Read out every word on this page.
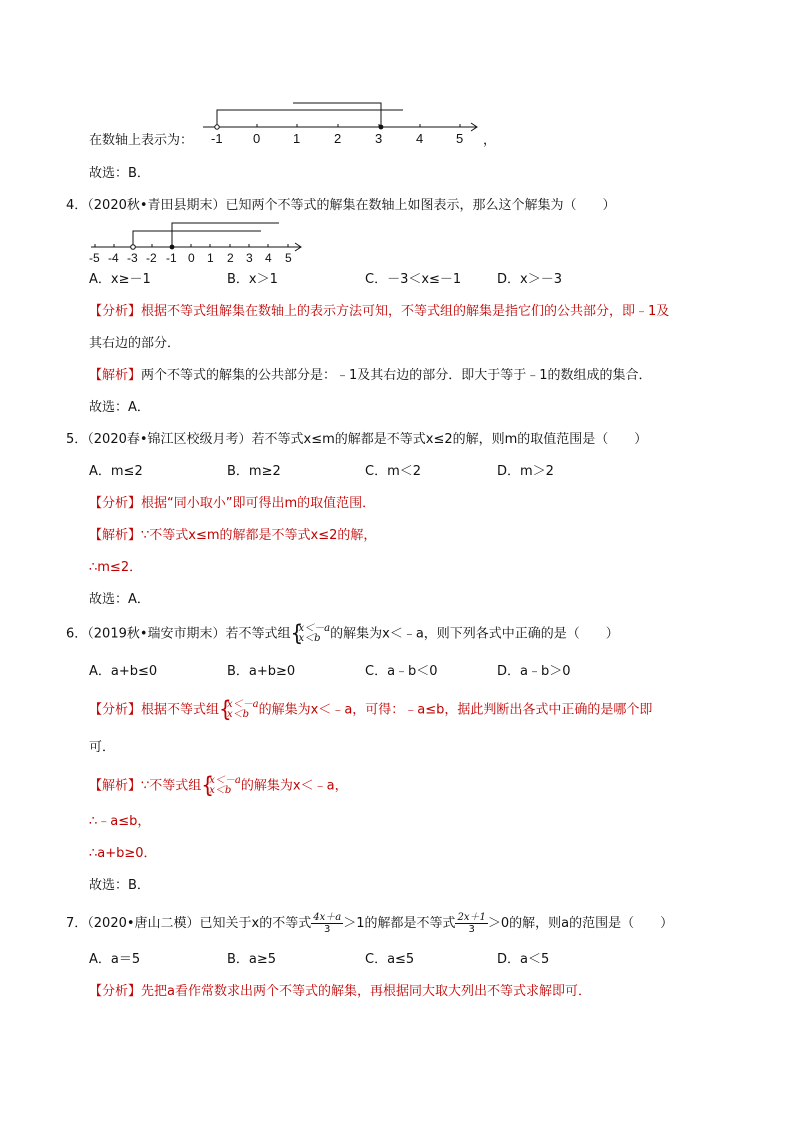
在数轴上表示为： -1 0	1	2	3	4	5 ，
故选：B．
4．（2020秋•青田县期末）已知两个不等式的解集在数轴上如图表示，那么这个解集为（　　）
-5 -4 -3 -2 -1 0 1 2 3 4 5
A．x≥－1	B．x＞1	C．－3＜x≤－1	D．x＞－3
【分析】根据不等式组解集在数轴上的表示方法可知，不等式组的解集是指它们的公共部分，即﹣1及
其右边的部分．
【解析】两个不等式的解集的公共部分是：﹣1及其右边的部分．即大于等于﹣1的数组成的集合．
故选：A．
5．（2020春•锦江区校级月考）若不等式x≤m的解都是不等式x≤2的解，则m的取值范围是（　　）
A．m≤2	B．m≥2	C．m＜2	D．m＞2
【分析】根据“同小取小”即可得出m的取值范围．
【解析】∵不等式x≤m的解都是不等式x≤2的解，
∴m≤2．
故选：A．
6．（2019秋•瑞安市期末）若不等式组 {
x＜－a
x＜b 的解集为x＜﹣a，则下列各式中正确的是（　　）
A．a+b≤0	B．a+b≥0	C．a﹣b＜0	D．a﹣b＞0
【分析】根据不等式组 {
x＜－a
x＜b 的解集为x＜﹣a，可得：﹣a≤b，据此判断出各式中正确的是哪个即
可．
【解析】∵不等式组 {
x＜－a
x＜b 的解集为x＜﹣a，
∴﹣a≤b，
∴a+b≥0．
故选：B．
7．（2020•唐山二模）已知关于x的不等式 $\frac{4x+a}{3} >1$的解都是不等式 $\frac{2x+1}{3} >0$的解，则a的范围是（　　）
A．a＝5	B．a≥5	C．a≤5	D．a＜5
【分析】先把a看作常数求出两个不等式的解集，再根据同大取大列出不等式求解即可．
